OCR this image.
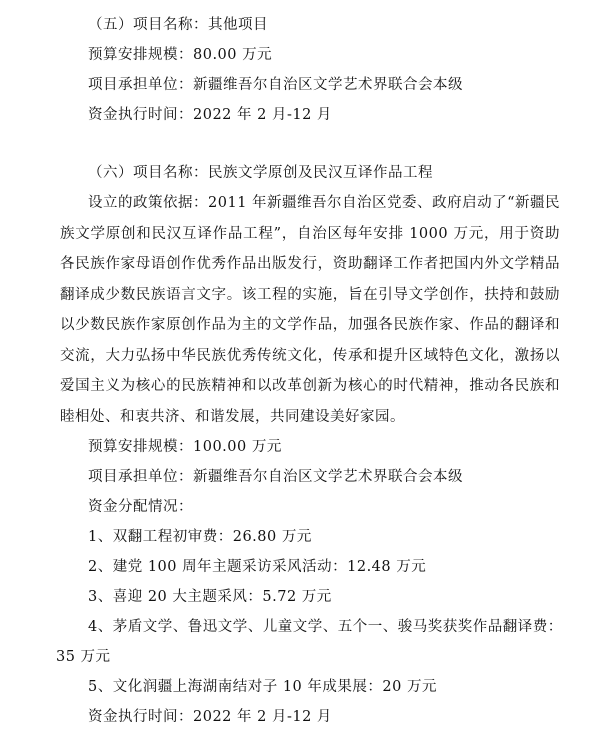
（五）项目名称：其他项目
预算安排规模：80.00 万元
项目承担单位：新疆维吾尔自治区文学艺术界联合会本级
资金执行时间：2022 年 2 月-12 月
（六）项目名称：民族文学原创及民汉互译作品工程

设立的政策依据：2011 年新疆维吾尔自治区党委、政府启动了“新疆民族文学原创和民汉互译作品工程”，自治区每年安排 1000 万元，用于资助各民族作家母语创作优秀作品出版发行，资助翻译工作者把国内外文学精品翻译成少数民族语言文字。该工程的实施，旨在引导文学创作，扶持和鼓励以少数民族作家原创作品为主的文学作品，加强各民族作家、作品的翻译和交流，大力弘扬中华民族优秀传统文化，传承和提升区域特色文化，激扬以爱国主义为核心的民族精神和以改革创新为核心的时代精神，推动各民族和睦相处、和衷共济、和谐发展，共同建设美好家园。

预算安排规模：100.00 万元
项目承担单位：新疆维吾尔自治区文学艺术界联合会本级
资金分配情况：
1、双翻工程初审费：26.80 万元
2、建党 100 周年主题采访采风活动：12.48 万元
3、喜迎 20 大主题采风：5.72 万元
4、茅盾文学、鲁迅文学、儿童文学、五个一、骏马奖获奖作品翻译费：
35 万元
5、文化润疆上海湖南结对子 10 年成果展：20 万元
资金执行时间：2022 年 2 月-12 月
